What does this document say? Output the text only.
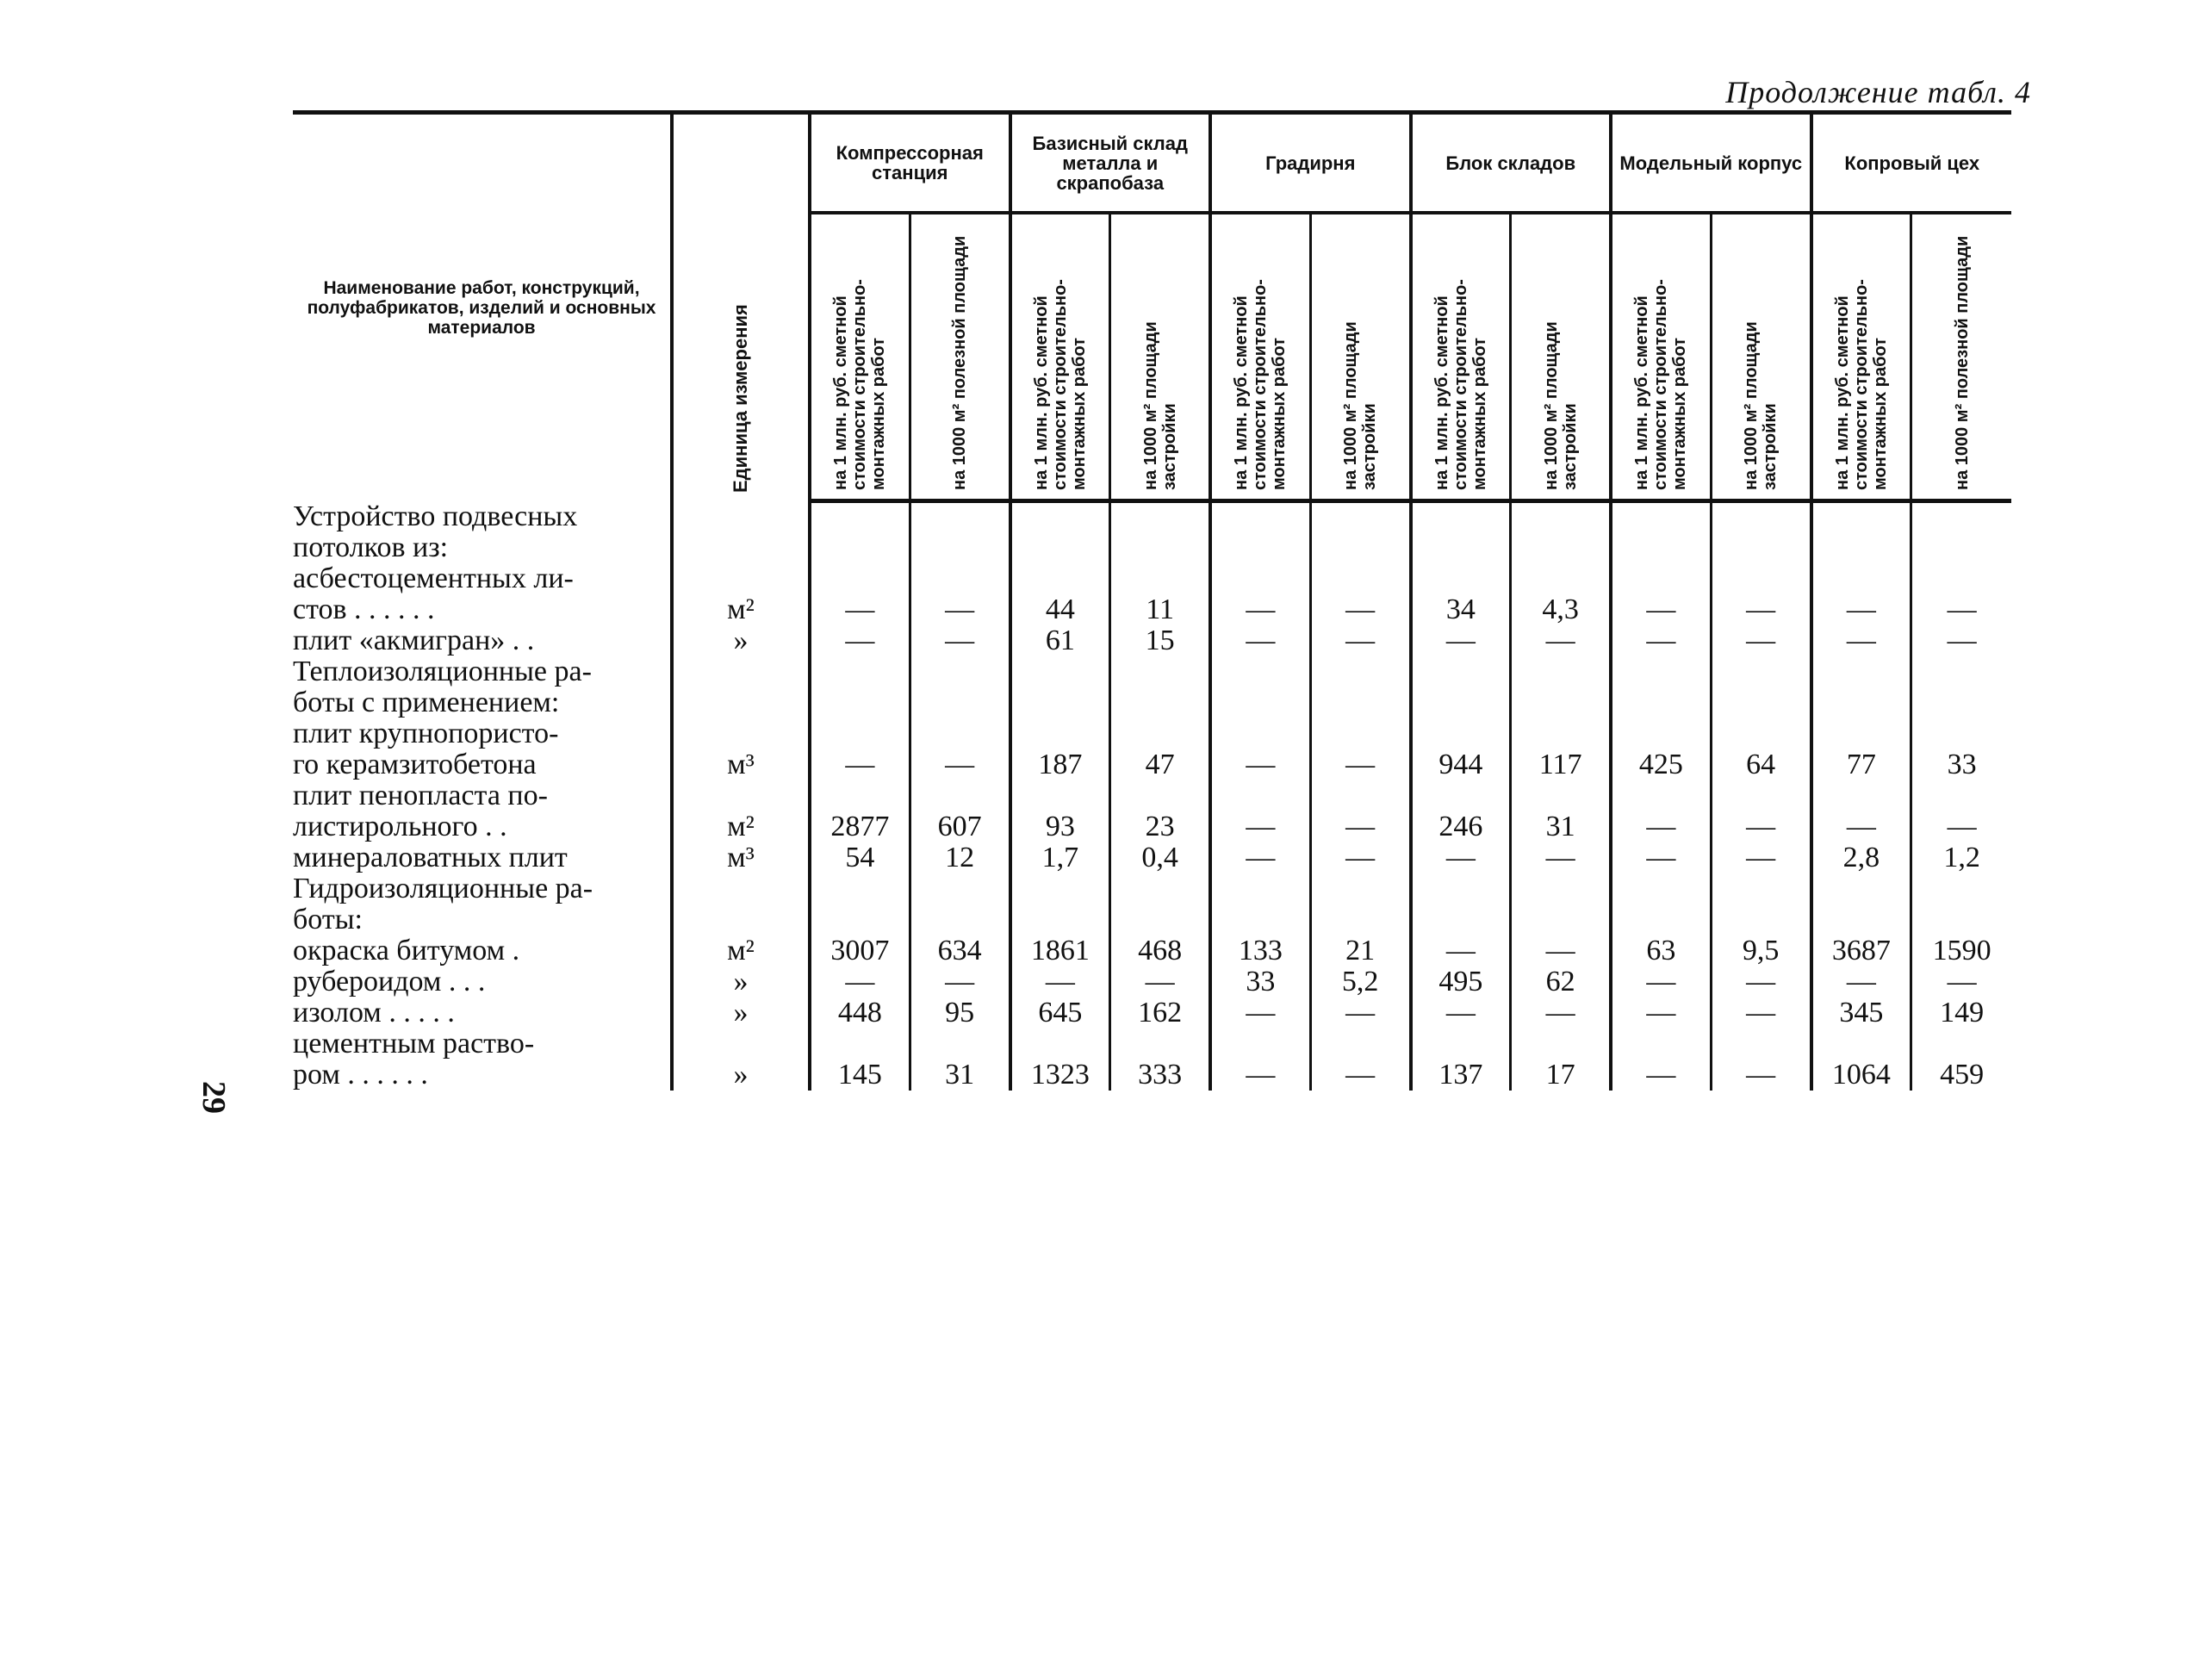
Продолжение табл. 4
29
Наименование работ, конструкций, полуфабрикатов, изделий и основных материалов	Единица измерения	Компрессорная станция		Базисный склад металла и скрапобаза		Градирня		Блок складов		Модельный корпус		Копровый цех	

		на 1 млн. руб. сметной стоимости строительно-монтажных работ	на 1000 м² полезной площади	на 1 млн. руб. сметной стоимости строительно-монтажных работ	на 1000 м² площади застройки	на 1 млн. руб. сметной стоимости строительно-монтажных работ	на 1000 м² площади застройки	на 1 млн. руб. сметной стоимости строительно-монтажных работ	на 1000 м² площади застройки	на 1 млн. руб. сметной стоимости строительно-монтажных работ	на 1000 м² площади застройки	на 1 млн. руб. сметной стоимости строительно-монтажных работ	на 1000 м² полезной площади

Устройство подвесных													
потолков из:													
асбестоцементных ли-													
стов . . . . . .	м²	—	—	44	11	—	—	34	4,3	—	—	—	—
плит «акмигран» . .	»	—	—	61	15	—	—	—	—	—	—	—	—
Теплоизоляционные ра-													
боты с применением:													
плит крупнопористо-													
го керамзитобетона	м³	—	—	187	47	—	—	944	117	425	64	77	33
плит пенопласта по-													
листирольного . .	м²	2877	607	93	23	—	—	246	31	—	—	—	—
минераловатных плит	м³	54	12	1,7	0,4	—	—	—	—	—	—	2,8	1,2
Гидроизоляционные ра-													
боты:													
окраска битумом .	м²	3007	634	1861	468	133	21	—	—	63	9,5	3687	1590
рубероидом . . .	»	—	—	—	—	33	5,2	495	62	—	—	—	—
изолом . . . . .	»	448	95	645	162	—	—	—	—	—	—	345	149
цементным раство-													
ром . . . . . .	»	145	31	1323	333	—	—	137	17	—	—	1064	459
